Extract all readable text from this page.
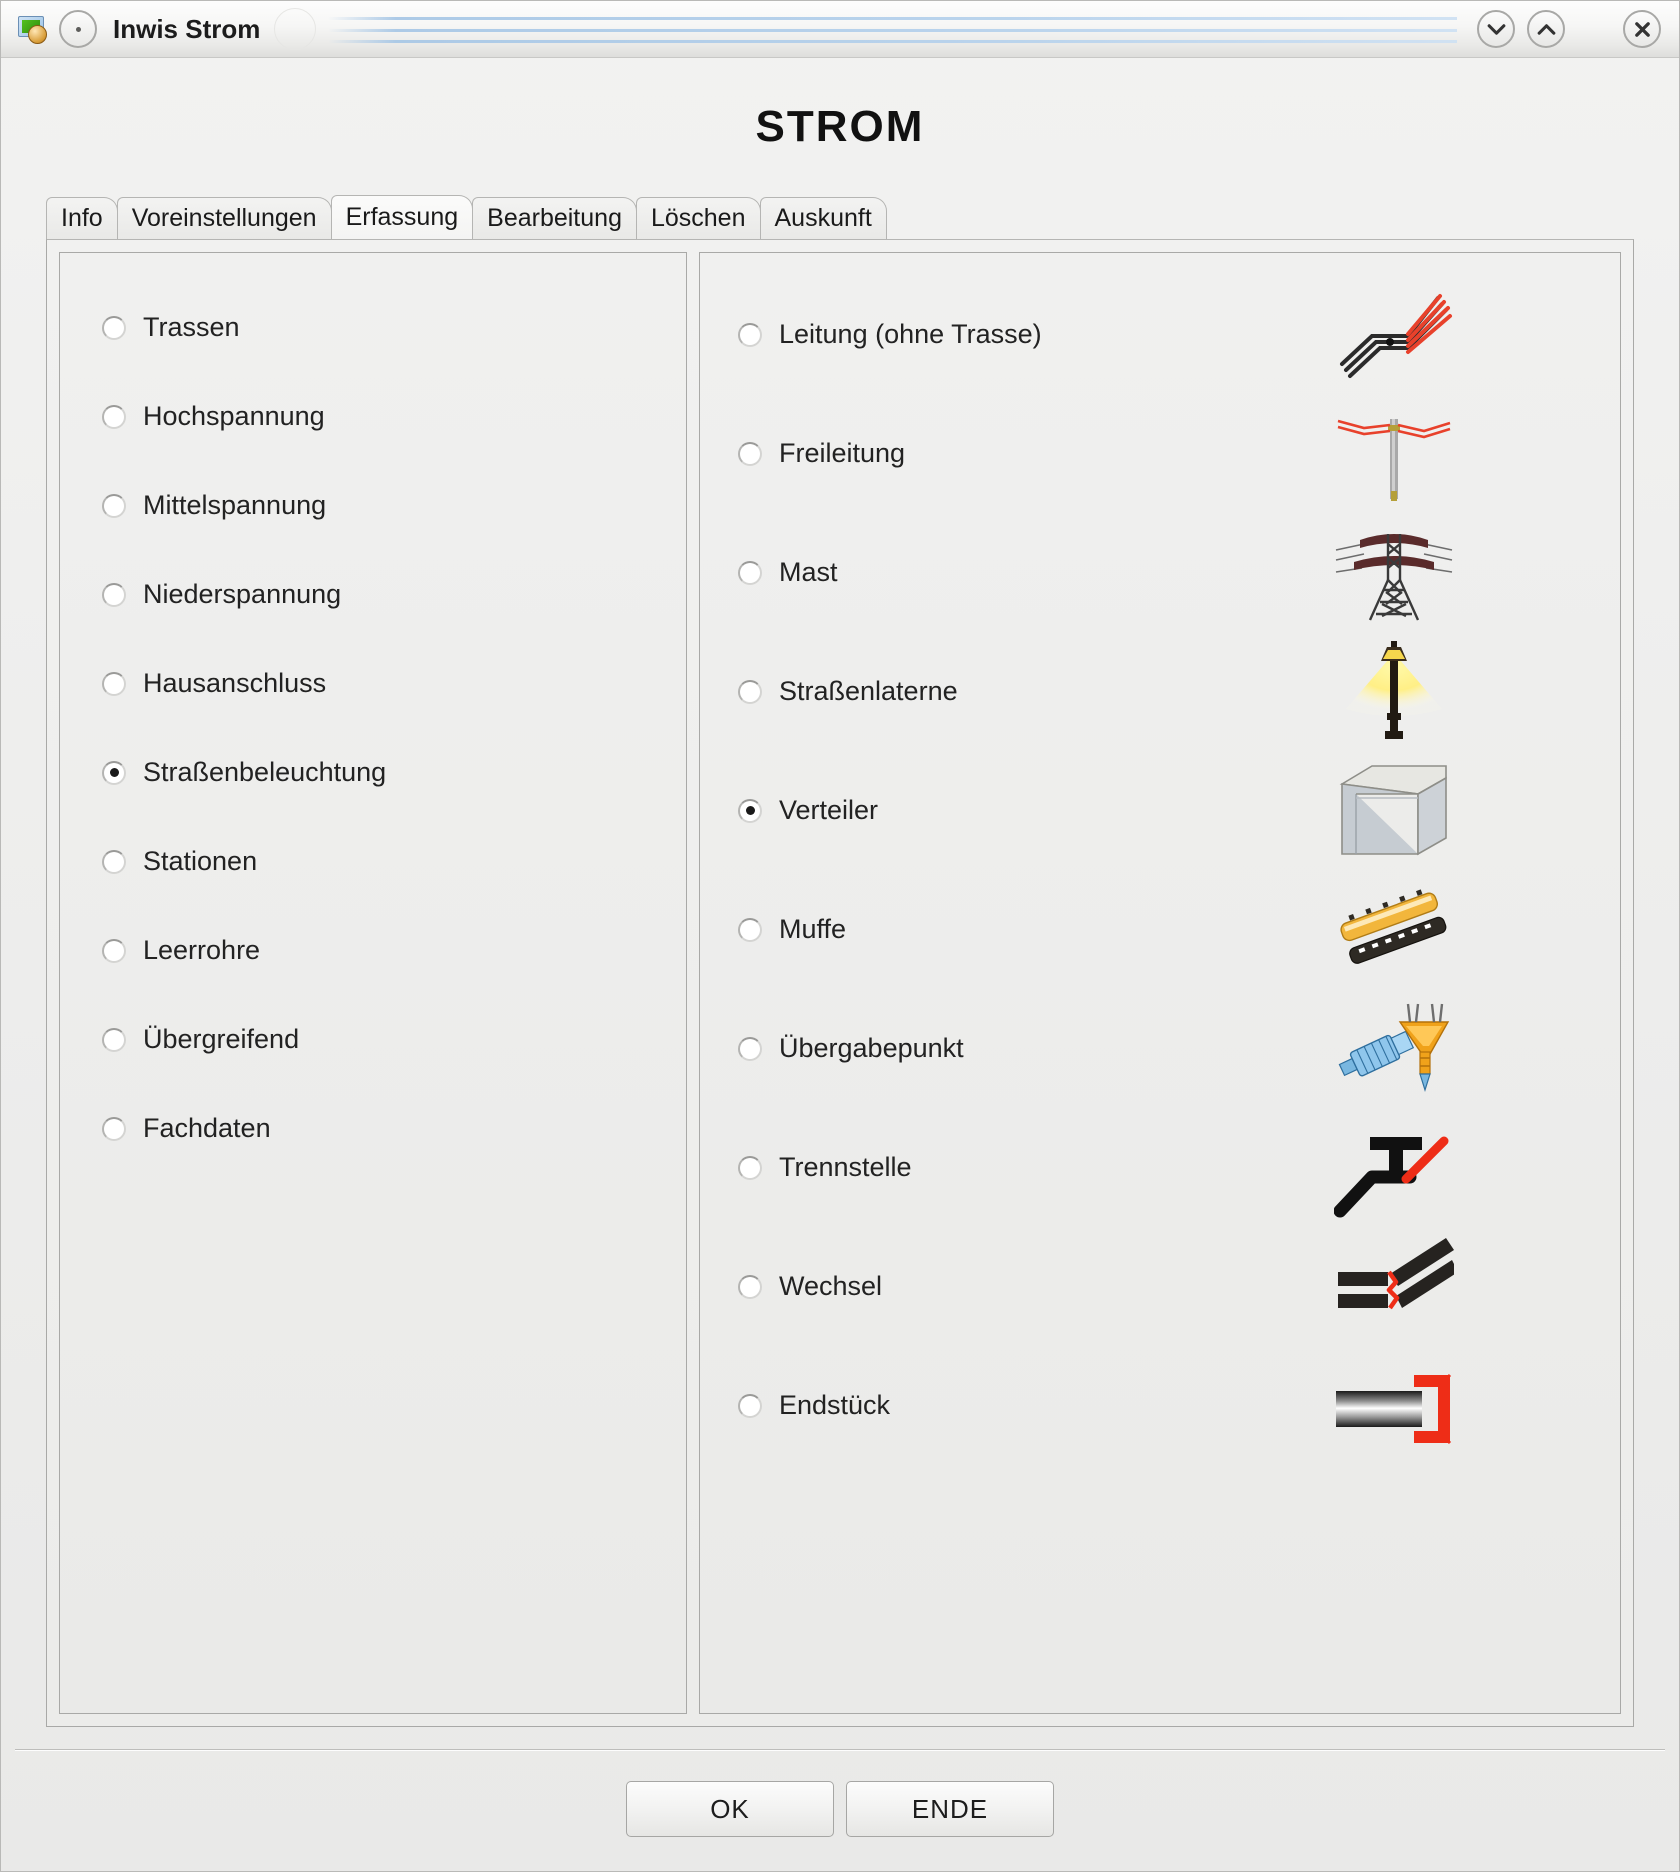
Inwis Strom
STROM
Info Voreinstellungen Erfassung Bearbeitung Löschen Auskunft
Trassen
Hochspannung
Mittelspannung
Niederspannung
Hausanschluss
Straßenbeleuchtung
Stationen
Leerrohre
Übergreifend
Fachdaten
Leitung (ohne Trasse)
Freileitung
Mast
Straßenlaterne
Verteiler
Muffe
Übergabepunkt
Trennstelle
Wechsel
Endstück
OK	ENDE
